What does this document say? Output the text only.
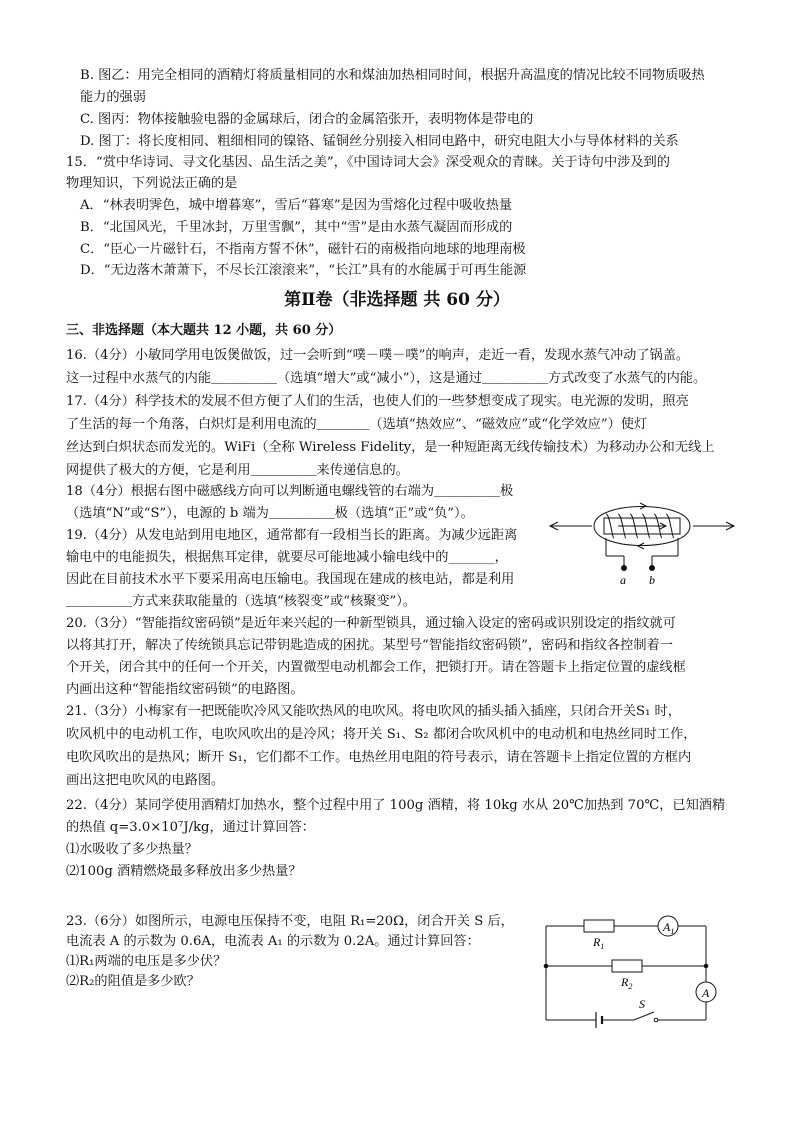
B. 图乙：用完全相同的酒精灯将质量相同的水和煤油加热相同时间，根据升高温度的情况比较不同物质吸热
能力的强弱
C. 图丙：物体接触验电器的金属球后，闭合的金属箔张开，表明物体是带电的
D. 图丁：将长度相同、粗细相同的镍铬、锰铜丝分别接入相同电路中，研究电阻大小与导体材料的关系
15．“赏中华诗词、寻文化基因、品生活之美”，《中国诗词大会》深受观众的青睐。关于诗句中涉及到的
物理知识，下列说法正确的是
A．“林表明霁色，城中增暮寒”，雪后“暮寒”是因为雪熔化过程中吸收热量
B．“北国风光，千里冰封，万里雪飘”，其中“雪”是由水蒸气凝固而形成的
C．“臣心一片磁针石，不指南方誓不休”，磁针石的南极指向地球的地理南极
D．“无边落木萧萧下，不尽长江滚滚来”，“长江”具有的水能属于可再生能源
第Ⅱ卷（非选择题 共 60 分）
三、非选择题（本大题共 12 小题，共 60 分）
16.（4分）小敏同学用电饭煲做饭，过一会听到“噗－噗－噗”的响声，走近一看，发现水蒸气冲动了锅盖。
这一过程中水蒸气的内能＿＿＿＿＿（选填“增大”或“减小”），这是通过＿＿＿＿＿方式改变了水蒸气的内能。
17.（4分）科学技术的发展不但方便了人们的生活，也使人们的一些梦想变成了现实。电光源的发明，照亮
了生活的每一个角落，白炽灯是利用电流的＿＿＿＿（选填“热效应”、“磁效应”或“化学效应”）使灯
丝达到白炽状态而发光的。WiFi（全称 Wireless Fidelity，是一种短距离无线传输技术）为移动办公和无线上
网提供了极大的方便，它是利用＿＿＿＿＿来传递信息的。
18（4分）根据右图中磁感线方向可以判断通电螺线管的右端为＿＿＿＿＿极
（选填“N”或“S”），电源的 b 端为＿＿＿＿＿极（选填“正”或“负”）。
19.（4分）从发电站到用电地区，通常都有一段相当长的距离。为减少远距离
输电中的电能损失，根据焦耳定律，就要尽可能地减小输电线中的_______，
因此在目前技术水平下要采用高电压输电。我国现在建成的核电站，都是利用
＿＿＿＿＿方式来获取能量的（选填“核裂变”或“核聚变”）。
20.（3分）“智能指纹密码锁”是近年来兴起的一种新型锁具，通过输入设定的密码或识别设定的指纹就可
以将其打开，解决了传统锁具忘记带钥匙造成的困扰。某型号“智能指纹密码锁”，密码和指纹各控制着一
个开关，闭合其中的任何一个开关，内置微型电动机都会工作，把锁打开。请在答题卡上指定位置的虚线框
内画出这种“智能指纹密码锁”的电路图。
21.（3分）小梅家有一把既能吹冷风又能吹热风的电吹风。将电吹风的插头插入插座，只闭合开关S₁ 时，
吹风机中的电动机工作，电吹风吹出的是冷风；将开关 S₁、S₂ 都闭合吹风机中的电动机和电热丝同时工作，
电吹风吹出的是热风；断开 S₁，它们都不工作。电热丝用电阻的符号表示，请在答题卡上指定位置的方框内
画出这把电吹风的电路图。
22.（4分）某同学使用酒精灯加热水，整个过程中用了 100g 酒精，将 10kg 水从 20℃加热到 70℃，已知酒精
的热值 q=3.0×10⁷J/kg，通过计算回答：
⑴水吸收了多少热量？
⑵100g 酒精燃烧最多释放出多少热量？
23.（6分）如图所示，电源电压保持不变，电阻 R₁=20Ω，闭合开关 S 后，
电流表 A 的示数为 0.6A，电流表 A₁ 的示数为 0.2A。通过计算回答：
⑴R₁两端的电压是多少伏？
⑵R₂的阻值是多少欧？
a b
$A_1$
A
$R_1$
$R_2$
S
